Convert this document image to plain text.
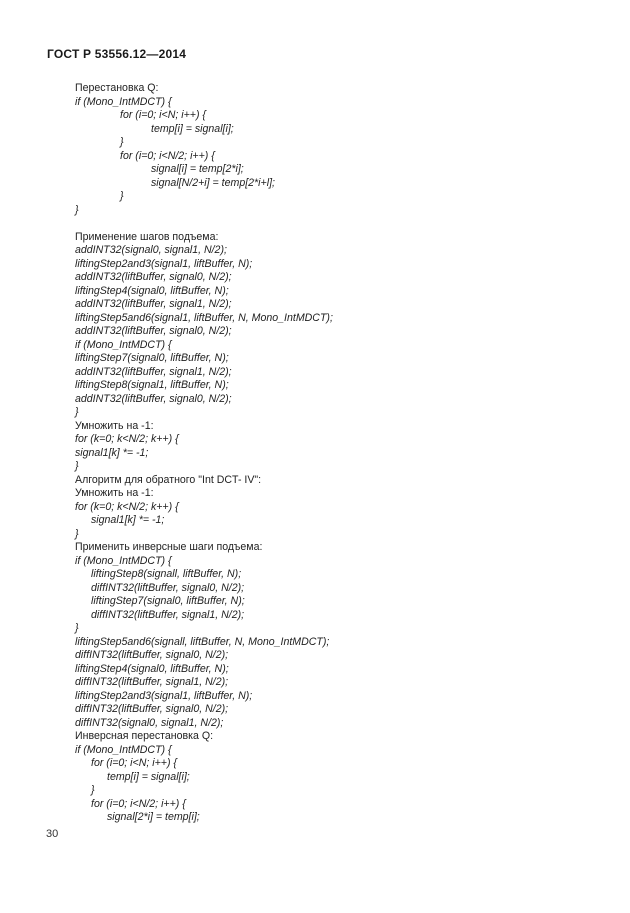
ГОСТ Р 53556.12—2014
Перестановка Q:
if (Mono_IntMDCT) {
for (i=0; i<N; i++) {
temp[i] = signal[i];
}
for (i=0; i<N/2; i++) {
signal[i] = temp[2*i];
signal[N/2+i] = temp[2*i+l];
}
}
Применение шагов подъема:
addINT32(signal0, signal1, N/2);
liftingStep2and3(signal1, liftBuffer, N);
addINT32(liftBuffer, signal0, N/2);
liftingStep4(signal0, liftBuffer, N);
addINT32(liftBuffer, signal1, N/2);
liftingStep5and6(signal1, liftBuffer, N, Mono_IntMDCT);
addINT32(liftBuffer, signal0, N/2);
if (Mono_IntMDCT) {
liftingStep7(signal0, liftBuffer, N);
addINT32(liftBuffer, signal1, N/2);
liftingStep8(signal1, liftBuffer, N);
addINT32(liftBuffer, signal0, N/2);
}
Умножить на -1:
for (k=0; k<N/2; k++) {
signal1[k] *= -1;
}
Алгоритм для обратного "Int DCT- IV":
Умножить на -1:
for (k=0; k<N/2; k++) {
signal1[k] *= -1;
}
Применить инверсные шаги подъема:
if (Mono_IntMDCT) {
liftingStep8(signall, liftBuffer, N);
diffINT32(liftBuffer, signal0, N/2);
liftingStep7(signal0, liftBuffer, N);
diffINT32(liftBuffer, signal1, N/2);
}
liftingStep5and6(signall, liftBuffer, N, Mono_IntMDCT);
diffINT32(liftBuffer, signal0, N/2);
liftingStep4(signal0, liftBuffer, N);
diffINT32(liftBuffer, signal1, N/2);
liftingStep2and3(signal1, liftBuffer, N);
diffINT32(liftBuffer, signal0, N/2);
diffINT32(signal0, signal1, N/2);
Инверсная перестановка Q:
if (Mono_IntMDCT) {
for (i=0; i<N; i++) {
temp[i] = signal[i];
}
for (i=0; i<N/2; i++) {
signal[2*i] = temp[i];
30
